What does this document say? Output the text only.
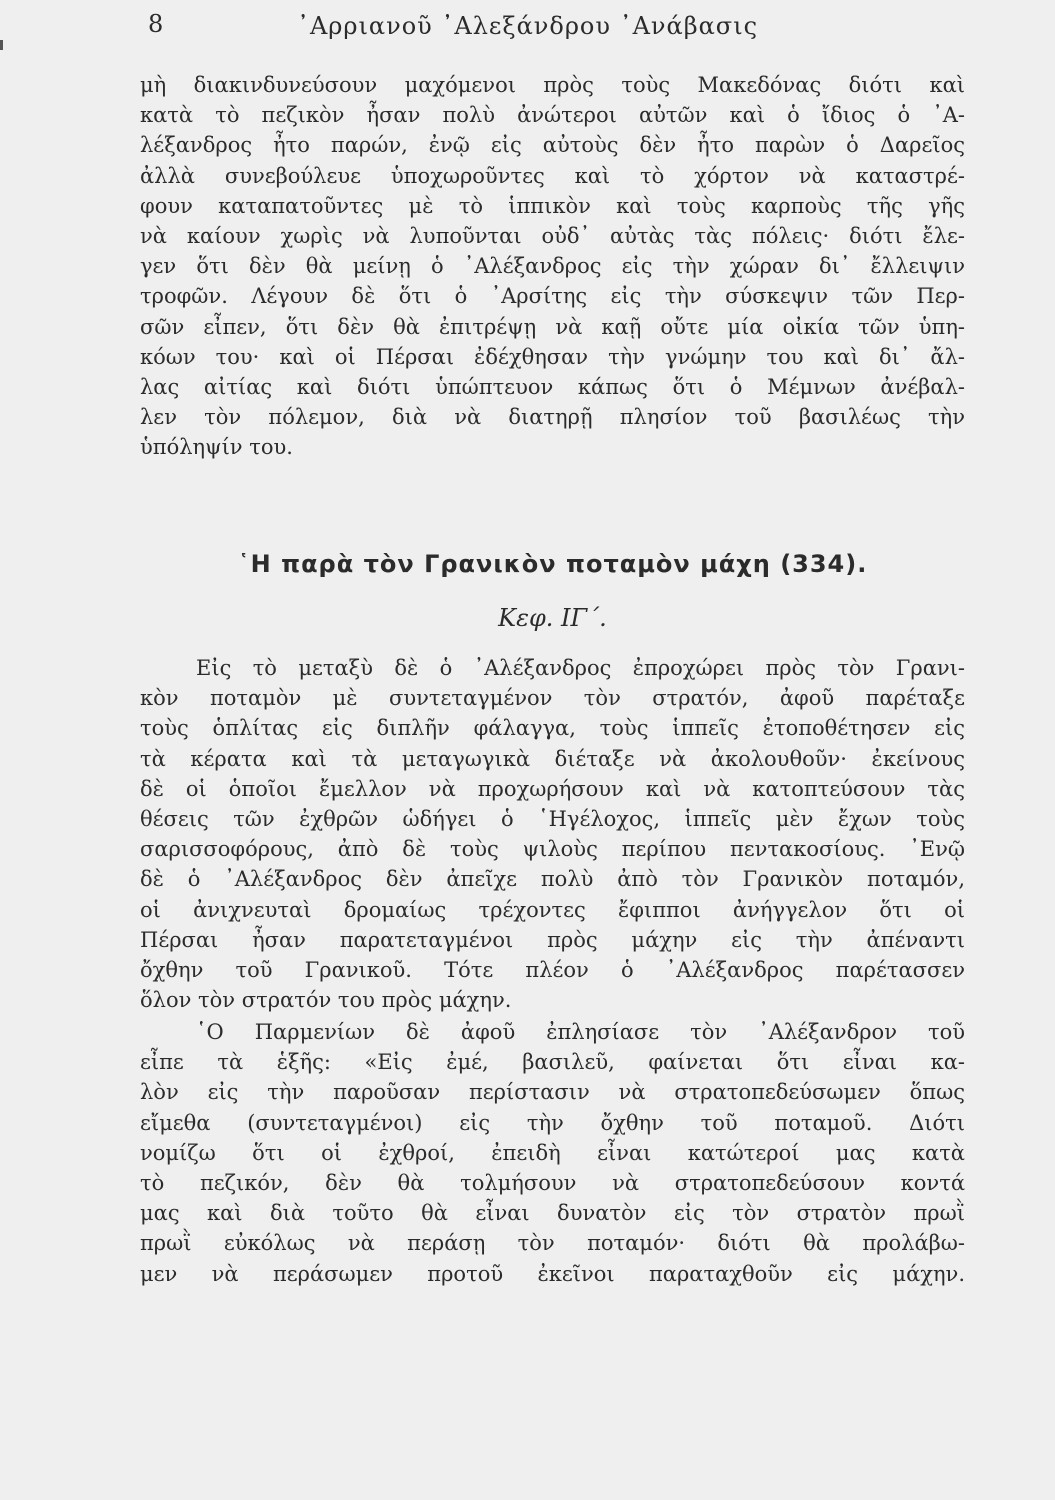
8	᾿Αρριανοῦ ᾿Αλεξάνδρου ᾿Ανάβασις
μὴ διακινδυνεύσουν μαχόμενοι πρὸς τοὺς Μακεδόνας διότι καὶ
κατὰ τὸ πεζικὸν ἦσαν πολὺ ἀνώτεροι αὐτῶν καὶ ὁ ἴδιος ὁ ᾿Α-
λέξανδρος ἦτο παρών, ἐνῷ εἰς αὐτοὺς δὲν ἦτο παρὼν ὁ Δαρεῖος
ἀλλὰ συνεβούλευε ὑποχωροῦντες καὶ τὸ χόρτον νὰ καταστρέ-
φουν καταπατοῦντες μὲ τὸ ἱππικὸν καὶ τοὺς καρποὺς τῆς γῆς
νὰ καίουν χωρὶς νὰ λυποῦνται οὐδ᾿ αὐτὰς τὰς πόλεις· διότι ἔλε-
γεν ὅτι δὲν θὰ μείνῃ ὁ ᾿Αλέξανδρος εἰς τὴν χώραν δι᾿ ἔλλειψιν
τροφῶν. Λέγουν δὲ ὅτι ὁ ᾿Αρσίτης εἰς τὴν σύσκεψιν τῶν Περ-
σῶν εἶπεν, ὅτι δὲν θὰ ἐπιτρέψῃ νὰ καῇ οὔτε μία οἰκία τῶν ὑπη-
κόων του· καὶ οἱ Πέρσαι ἐδέχθησαν τὴν γνώμην του καὶ δι᾿ ἄλ-
λας αἰτίας καὶ διότι ὑπώπτευον κάπως ὅτι ὁ Μέμνων ἀνέβαλ-
λεν τὸν πόλεμον, διὰ νὰ διατηρῇ πλησίον τοῦ βασιλέως τὴν
ὑπόληψίν του.
῾Η παρὰ τὸν Γρανικὸν ποταμὸν μάχη (334).
Κεφ. ΙΓ΄.
Εἰς τὸ μεταξὺ δὲ ὁ ᾿Αλέξανδρος ἐπροχώρει πρὸς τὸν Γρανι-
κὸν ποταμὸν μὲ συντεταγμένον τὸν στρατόν, ἀφοῦ παρέταξε
τοὺς ὁπλίτας εἰς διπλῆν φάλαγγα, τοὺς ἱππεῖς ἐτοποθέτησεν εἰς
τὰ κέρατα καὶ τὰ μεταγωγικὰ διέταξε νὰ ἀκολουθοῦν· ἐκείνους
δὲ οἱ ὁποῖοι ἔμελλον νὰ προχωρήσουν καὶ νὰ κατοπτεύσουν τὰς
θέσεις τῶν ἐχθρῶν ὡδήγει ὁ ῾Ηγέλοχος, ἱππεῖς μὲν ἔχων τοὺς
σαρισσοφόρους, ἀπὸ δὲ τοὺς ψιλοὺς περίπου πεντακοσίους. ᾿Ενῷ
δὲ ὁ ᾿Αλέξανδρος δὲν ἀπεῖχε πολὺ ἀπὸ τὸν Γρανικὸν ποταμόν,
οἱ ἀνιχνευταὶ δρομαίως τρέχοντες ἔφιπποι ἀνήγγελον ὅτι οἱ
Πέρσαι ἦσαν παρατεταγμένοι πρὸς μάχην εἰς τὴν ἀπέναντι
ὄχθην τοῦ Γρανικοῦ. Τότε πλέον ὁ ᾿Αλέξανδρος παρέτασσεν
ὅλον τὸν στρατόν του πρὸς μάχην.
῾Ο Παρμενίων δὲ ἀφοῦ ἐπλησίασε τὸν ᾿Αλέξανδρον τοῦ
εἶπε τὰ ἑξῆς: «Εἰς ἐμέ, βασιλεῦ, φαίνεται ὅτι εἶναι κα-
λὸν εἰς τὴν παροῦσαν περίστασιν νὰ στρατοπεδεύσωμεν ὅπως
εἴμεθα (συντεταγμένοι) εἰς τὴν ὄχθην τοῦ ποταμοῦ. Διότι
νομίζω ὅτι οἱ ἐχθροί, ἐπειδὴ εἶναι κατώτεροί μας κατὰ
τὸ πεζικόν, δὲν θὰ τολμήσουν νὰ στρατοπεδεύσουν κοντά
μας καὶ διὰ τοῦτο θὰ εἶναι δυνατὸν εἰς τὸν στρατὸν πρωῒ
πρωῒ εὐκόλως νὰ περάσῃ τὸν ποταμόν· διότι θὰ προλάβω-
μεν νὰ περάσωμεν προτοῦ ἐκεῖνοι παραταχθοῦν εἰς μάχην.
